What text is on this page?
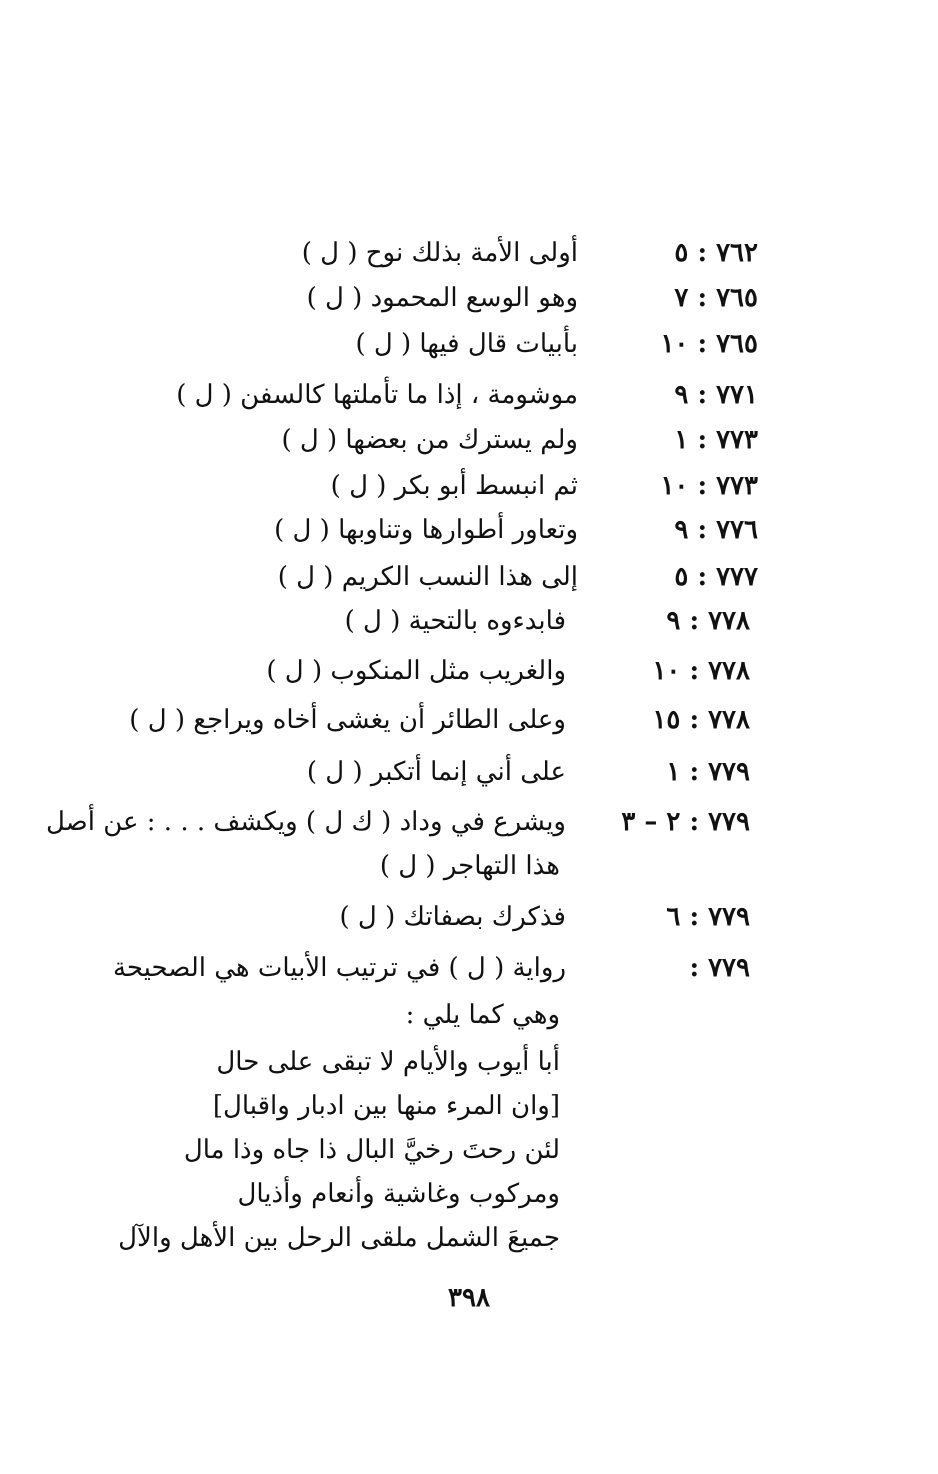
٧٦٢ : ٥
أولى الأمة بذلك نوح ( ل )
٧٦٥ : ٧
وهو الوسع المحمود ( ل )
٧٦٥ : ١٠
بأبيات قال فيها ( ل )
٧٧١ : ٩
موشومة ، إذا ما تأملتها كالسفن ( ل )
٧٧٣ : ١
ولم يسترك من بعضها ( ل )
٧٧٣ : ١٠
ثم انبسط أبو بكر ( ل )
٧٧٦ : ٩
وتعاور أطوارها وتناوبها ( ل )
٧٧٧ : ٥
إلى هذا النسب الكريم ( ل )
٧٧٨ : ٩
فابدءوه بالتحية ( ل )
٧٧٨ : ١٠
والغريب مثل المنكوب ( ل )
٧٧٨ : ١٥
وعلى الطائر أن يغشى أخاه ويراجع ( ل )
٧٧٩ : ١
على أني إنما أتكبر ( ل )
٧٧٩ : ٢ – ٣
ويشرع في وداد ( ك ل ) ويكشف . . . : عن أصل
هذا التهاجر ( ل )
٧٧٩ : ٦
فذكرك بصفاتك ( ل )
٧٧٩ :
رواية ( ل ) في ترتيب الأبيات هي الصحيحة
وهي كما يلي :
أبا أيوب والأيام لا تبقى على حال
[وان المرء منها بين ادبار واقبال]
لئن رحتَ رخيَّ البال ذا جاه وذا مال
ومركوب وغاشية وأنعام وأذيال
جميعَ الشمل ملقى الرحل بين الأهل والآل
٣٩٨
